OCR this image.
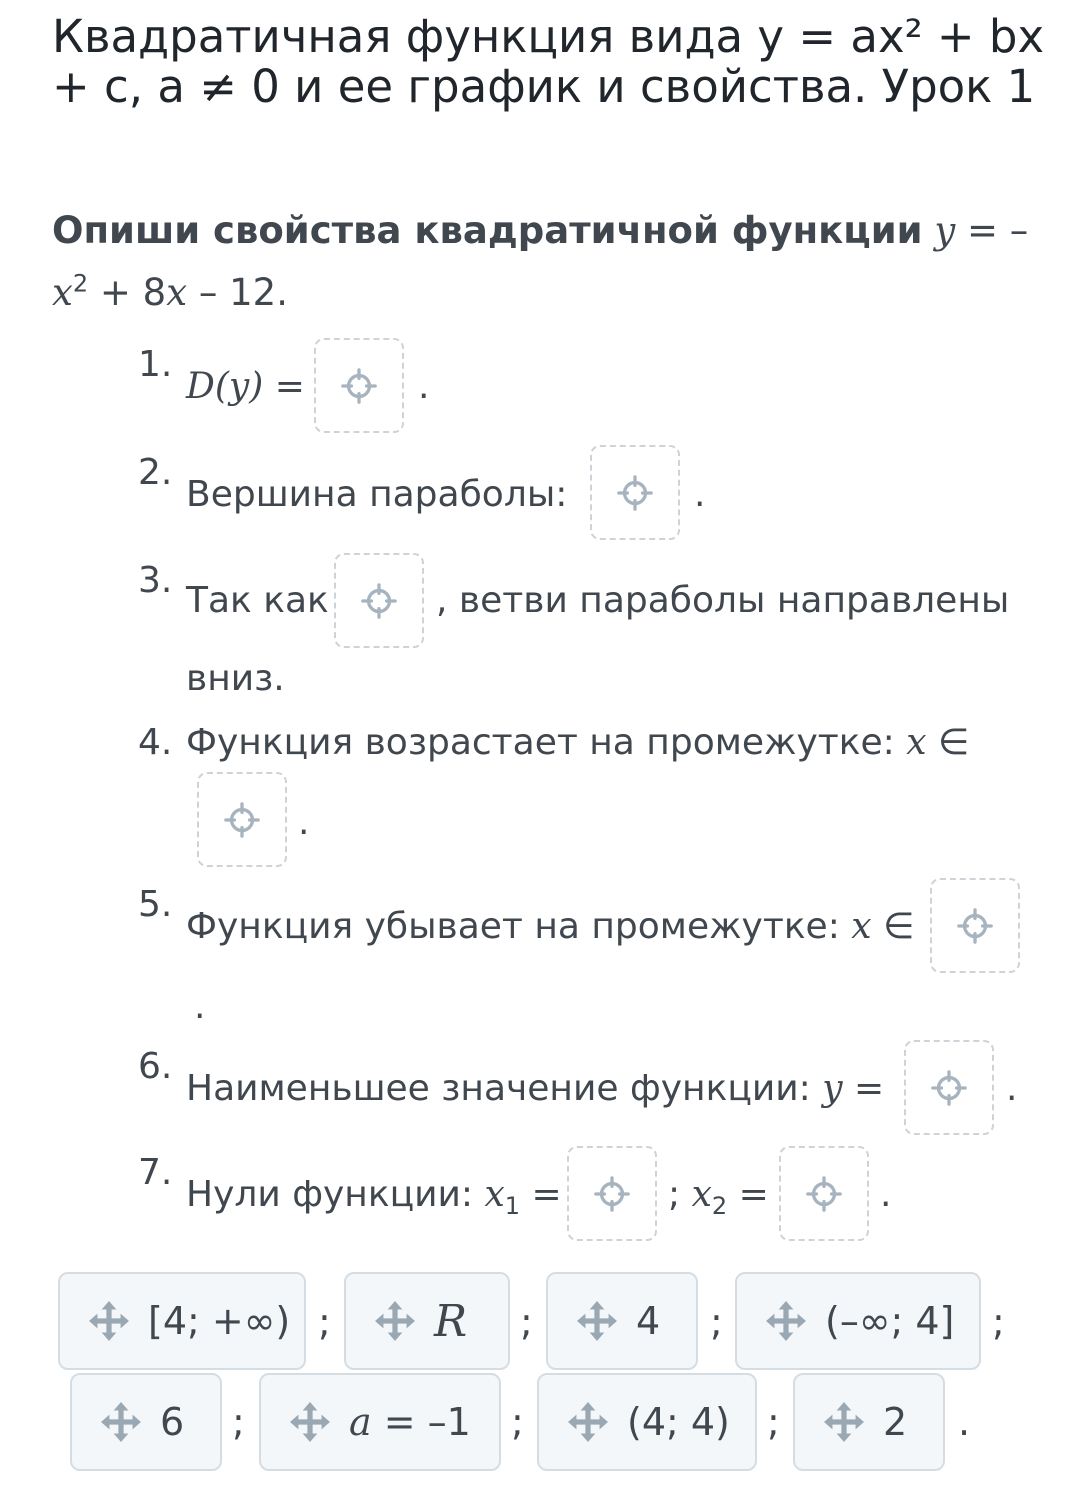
Квадратичная функция вида y = ax² + bx + c, a ≠ 0 и ее график и свойства. Урок 1
Опиши свойства квадратичной функции y = –
$x^2 + 8x - 12$.
1.
D(y) =	.
2.
Вершина параболы:	.
3. Так как	, ветви параболы направлены
вниз.
4. Функция возрастает на промежутке: x ∈
.
5.
Функция убывает на промежутке: x ∈
.
6.
Наименьшее значение функции: y =	.
7.
Нули функции: $x_1$ =	; $x_2$ =	.
[4; +∞) ; R ;	4 ;	(–∞; 4] ;
6 ;	a = –1 ;	(4; 4) ;	2 .
